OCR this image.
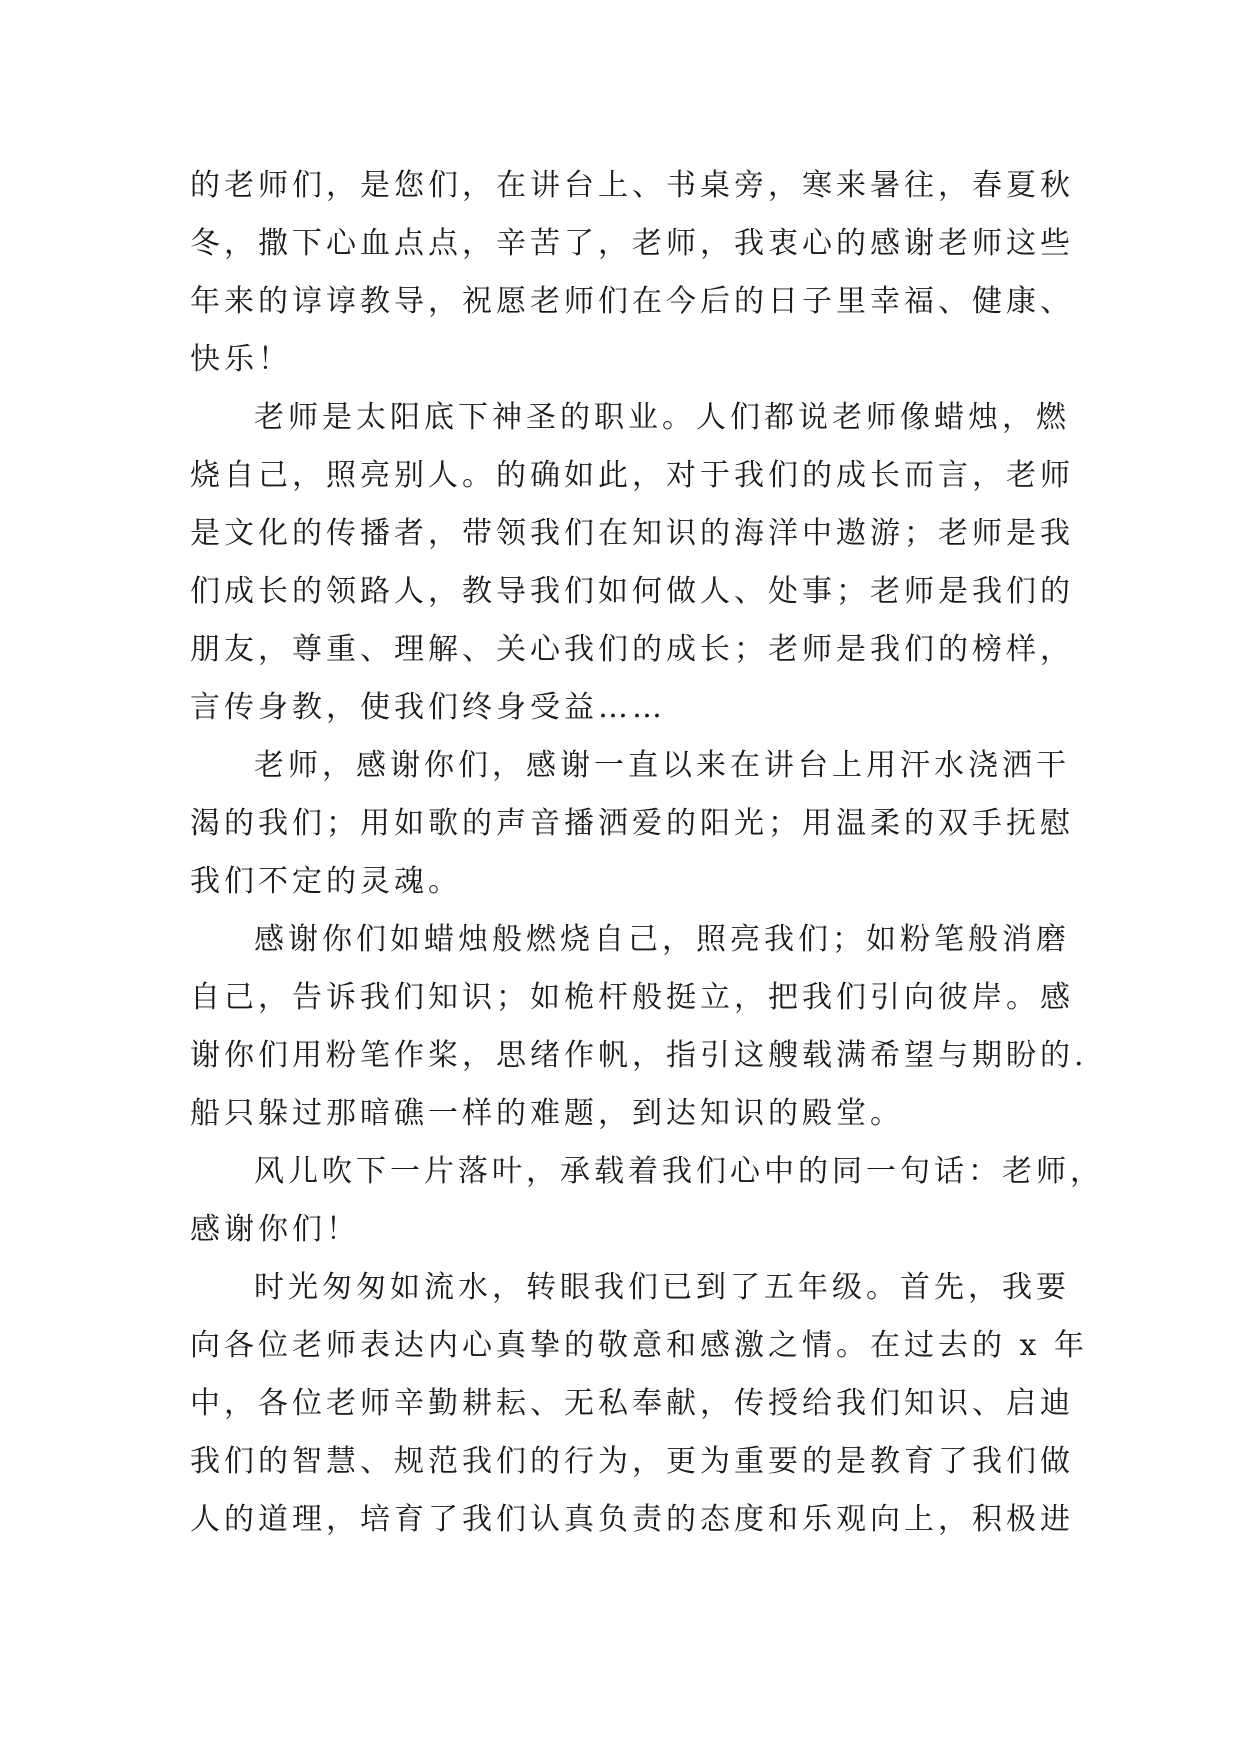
的老师们，是您们，在讲台上、书桌旁，寒来暑往，春夏秋
冬，撒下心血点点，辛苦了，老师，我衷心的感谢老师这些
年来的谆谆教导，祝愿老师们在今后的日子里幸福、健康、
快乐！

老师是太阳底下神圣的职业。人们都说老师像蜡烛，燃
烧自己，照亮别人。的确如此，对于我们的成长而言，老师
是文化的传播者，带领我们在知识的海洋中遨游；老师是我
们成长的领路人，教导我们如何做人、处事；老师是我们的
朋友，尊重、理解、关心我们的成长；老师是我们的榜样，
言传身教，使我们终身受益……

老师，感谢你们，感谢一直以来在讲台上用汗水浇洒干
渴的我们；用如歌的声音播洒爱的阳光；用温柔的双手抚慰
我们不定的灵魂。

感谢你们如蜡烛般燃烧自己，照亮我们；如粉笔般消磨
自己，告诉我们知识；如桅杆般挺立，把我们引向彼岸。感
谢你们用粉笔作桨，思绪作帆，指引这艘载满希望与期盼的.
船只躲过那暗礁一样的难题，到达知识的殿堂。

风儿吹下一片落叶，承载着我们心中的同一句话：老师，
感谢你们！

时光匆匆如流水，转眼我们已到了五年级。首先，我要
向各位老师表达内心真挚的敬意和感激之情。在过去的 x 年
中，各位老师辛勤耕耘、无私奉献，传授给我们知识、启迪
我们的智慧、规范我们的行为，更为重要的是教育了我们做
人的道理，培育了我们认真负责的态度和乐观向上，积极进
